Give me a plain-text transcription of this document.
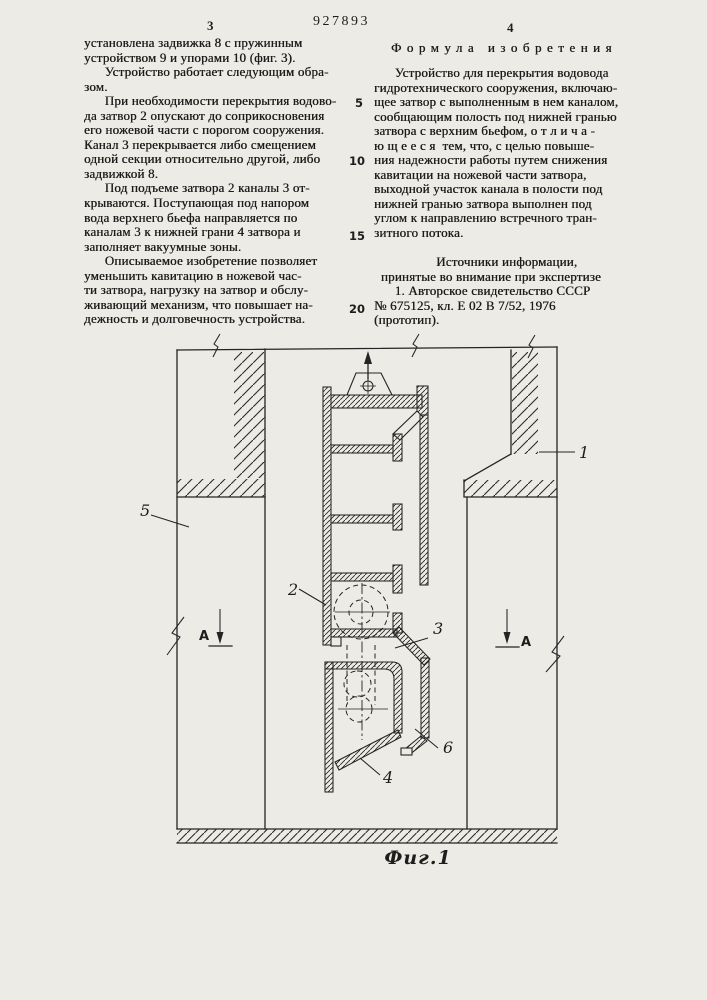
3	927893	4
5
10
15
20
установлена задвижка 8 с пружинным
устройством 9 и упорами 10 (фиг. 3).
Устройство работает следующим обра-
зом.
При необходимости перекрытия водово-
да затвор 2 опускают до соприкосновения
его ножевой части с порогом сооружения.
Канал 3 перекрывается либо смещением
одной секции относительно другой, либо
задвижкой 8.
Под подъеме затвора 2 каналы 3 от-
крываются. Поступающая под напором
вода верхнего бьефа направляется по
каналам 3 к нижней грани 4 затвора и
заполняет вакуумные зоны.
Описываемое изобретение позволяет
уменьшить кавитацию в ножевой час-
ти затвора, нагрузку на затвор и обслу-
живающий механизм, что повышает на-
дежность и долговечность устройства.
Формула изобретения
Устройство для перекрытия водовода
гидротехнического сооружения, включаю-
щее затвор с выполненным в нем каналом,
сообщающим полость под нижней гранью
затвора с верхним бьефом, о т л и ч а -
ю щ е е с я  тем, что, с целью повыше-
ния надежности работы путем снижения
кавитации на ножевой части затвора,
выходной участок канала в полости под
нижней гранью затвора выполнен под
углом к направлению встречного тран-
зитного потока.

Источники информации,
принятые во внимание при экспертизе
1. Авторское свидетельство СССР
№ 675125, кл. Е 02 В 7/52, 1976
(прототип).
А	А
1
2
3
4
5
6
Фиг.1
